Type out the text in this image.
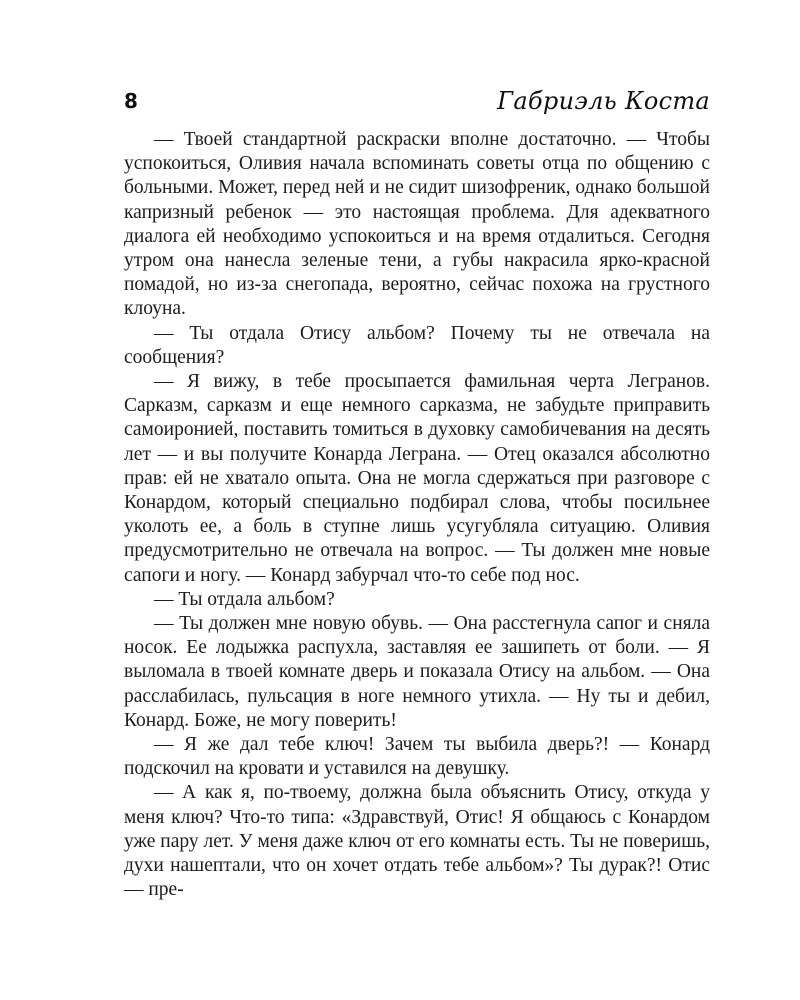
8	Габриэль Коста

— Твоей стандартной раскраски вполне достаточно. — Чтобы успокоиться, Оливия начала вспоминать советы отца по общению с больными. Может, перед ней и не сидит шизофреник, однако большой капризный ребенок — это настоящая проблема. Для адекватного диалога ей необходимо успокоиться и на время отдалиться. Сегодня утром она нанесла зеленые тени, а губы накрасила ярко-красной помадой, но из-за снегопада, вероятно, сейчас похожа на грустного клоуна.

— Ты отдала Отису альбом? Почему ты не отвечала на сообщения?

— Я вижу, в тебе просыпается фамильная черта Легранов. Сарказм, сарказм и еще немного сарказма, не забудьте приправить самоиронией, поставить томиться в духовку самобичевания на десять лет — и вы получите Конарда Леграна. — Отец оказался абсолютно прав: ей не хватало опыта. Она не могла сдержаться при разговоре с Конардом, который специально подбирал слова, чтобы посильнее уколоть ее, а боль в ступне лишь усугубляла ситуацию. Оливия предусмотрительно не отвечала на вопрос. — Ты должен мне новые сапоги и ногу. — Конард забурчал что-то себе под нос.

— Ты отдала альбом?

— Ты должен мне новую обувь. — Она расстегнула сапог и сняла носок. Ее лодыжка распухла, заставляя ее зашипеть от боли. — Я выломала в твоей комнате дверь и показала Отису на альбом. — Она расслабилась, пульсация в ноге немного утихла. — Ну ты и дебил, Конард. Боже, не могу поверить!

— Я же дал тебе ключ! Зачем ты выбила дверь?! — Конард подскочил на кровати и уставился на девушку.

— А как я, по-твоему, должна была объяснить Отису, откуда у меня ключ? Что-то типа: «Здравствуй, Отис! Я общаюсь с Конардом уже пару лет. У меня даже ключ от его комнаты есть. Ты не поверишь, духи нашептали, что он хочет отдать тебе альбом»? Ты дурак?! Отис — пре-
